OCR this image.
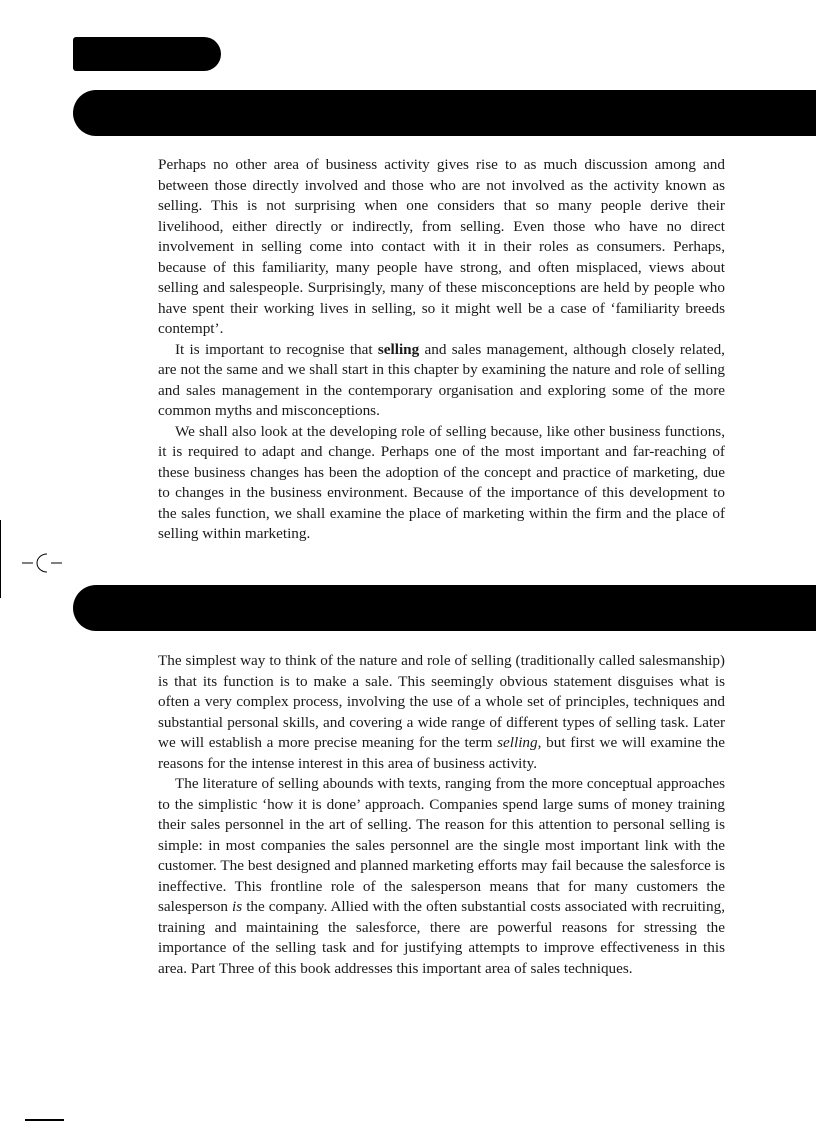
Perhaps no other area of business activity gives rise to as much discussion among and between those directly involved and those who are not involved as the activity known as selling. This is not surprising when one considers that so many people derive their livelihood, either directly or indirectly, from selling. Even those who have no direct involvement in selling come into contact with it in their roles as consumers. Perhaps, because of this familiarity, many people have strong, and often misplaced, views about selling and salespeople. Surprisingly, many of these misconceptions are held by people who have spent their working lives in selling, so it might well be a case of ‘familiarity breeds contempt’.

It is important to recognise that selling and sales management, although closely related, are not the same and we shall start in this chapter by examining the nature and role of selling and sales management in the contemporary organisation and exploring some of the more common myths and misconceptions.

We shall also look at the developing role of selling because, like other business functions, it is required to adapt and change. Perhaps one of the most important and far-reaching of these business changes has been the adoption of the concept and practice of marketing, due to changes in the business environment. Because of the importance of this development to the sales function, we shall examine the place of marketing within the firm and the place of selling within marketing.

The simplest way to think of the nature and role of selling (traditionally called salesmanship) is that its function is to make a sale. This seemingly obvious statement disguises what is often a very complex process, involving the use of a whole set of principles, techniques and substantial personal skills, and covering a wide range of different types of selling task. Later we will establish a more precise meaning for the term selling, but first we will examine the reasons for the intense interest in this area of business activity.

The literature of selling abounds with texts, ranging from the more conceptual approaches to the simplistic ‘how it is done’ approach. Companies spend large sums of money training their sales personnel in the art of selling. The reason for this attention to personal selling is simple: in most companies the sales personnel are the single most important link with the customer. The best designed and planned marketing efforts may fail because the salesforce is ineffective. This frontline role of the salesperson means that for many customers the salesperson is the company. Allied with the often substantial costs associated with recruiting, training and maintaining the salesforce, there are powerful reasons for stressing the importance of the selling task and for justifying attempts to improve effectiveness in this area. Part Three of this book addresses this important area of sales techniques.
